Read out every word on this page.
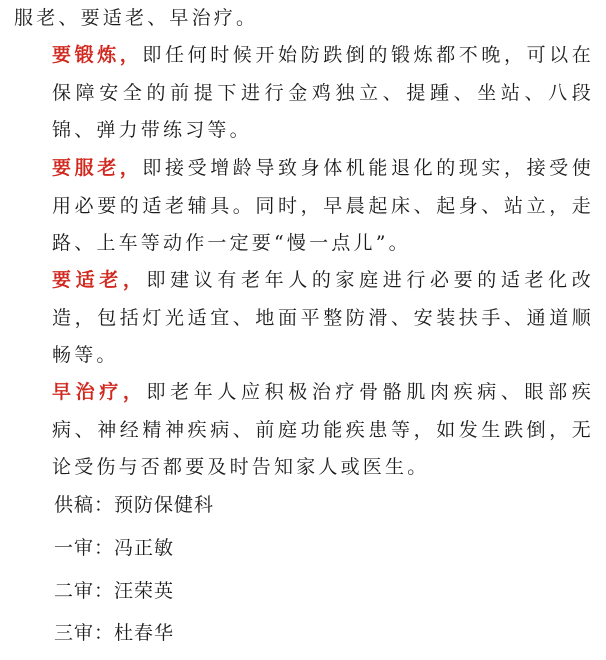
服老、要适老、早治疗。

要锻炼，即任何时候开始防跌倒的锻炼都不晚，可以在保障安全的前提下进行金鸡独立、提踵、坐站、八段锦、弹力带练习等。

要服老，即接受增龄导致身体机能退化的现实，接受使用必要的适老辅具。同时，早晨起床、起身、站立，走路、上车等动作一定要“慢一点儿”。

要适老，即建议有老年人的家庭进行必要的适老化改造，包括灯光适宜、地面平整防滑、安装扶手、通道顺畅等。

早治疗，即老年人应积极治疗骨骼肌肉疾病、眼部疾病、神经精神疾病、前庭功能疾患等，如发生跌倒，无论受伤与否都要及时告知家人或医生。

供稿：预防保健科

一审：冯正敏

二审：汪荣英

三审：杜春华
